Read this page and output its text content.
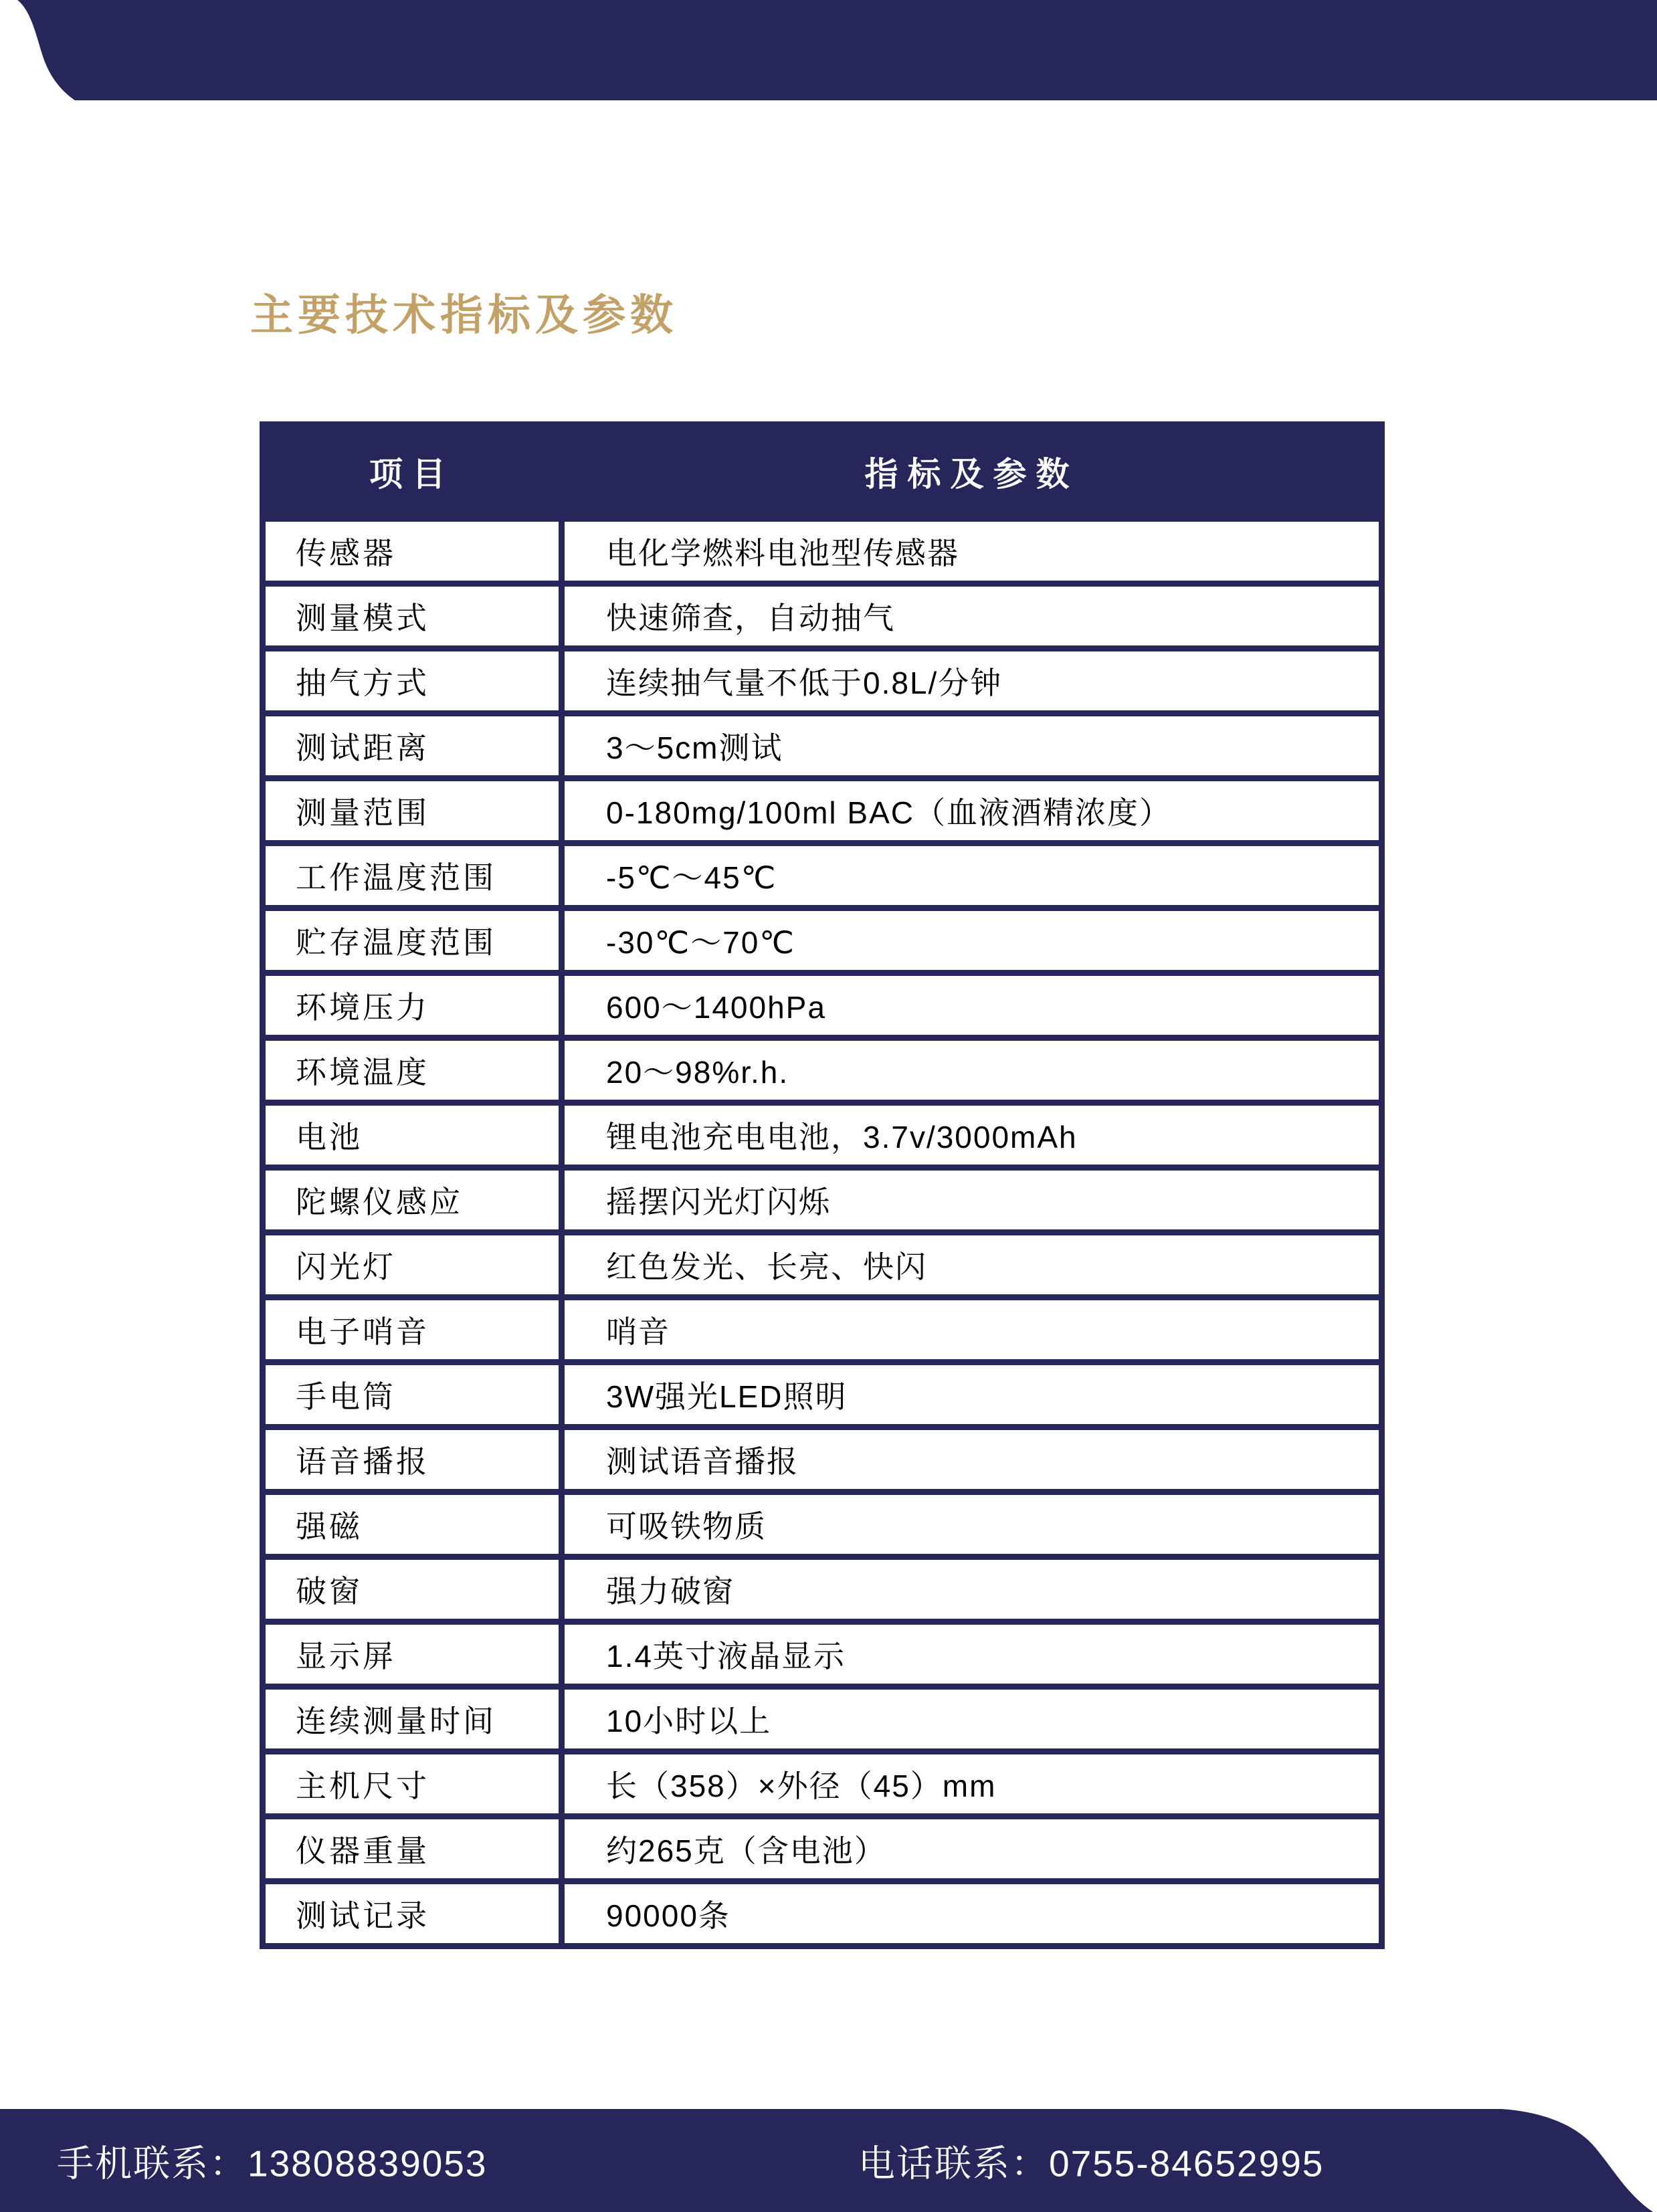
主要技术指标及参数
项目	指标及参数
传感器	电化学燃料电池型传感器
测量模式	快速筛查，自动抽气
抽气方式	连续抽气量不低于0.8L/分钟
测试距离	3～5cm测试
测量范围	0-180mg/100ml BAC（血液酒精浓度）
工作温度范围	-5℃～45℃
贮存温度范围	-30℃～70℃
环境压力	600～1400hPa
环境温度	20～98%r.h.
电池	锂电池充电电池，3.7v/3000mAh
陀螺仪感应	摇摆闪光灯闪烁
闪光灯	红色发光、长亮、快闪
电子哨音	哨音
手电筒	3W强光LED照明
语音播报	测试语音播报
强磁	可吸铁物质
破窗	强力破窗
显示屏	1.4英寸液晶显示
连续测量时间	10小时以上
主机尺寸	长（358）×外径（45）mm
仪器重量	约265克（含电池）
测试记录	90000条
手机联系：13808839053	电话联系：0755-84652995
